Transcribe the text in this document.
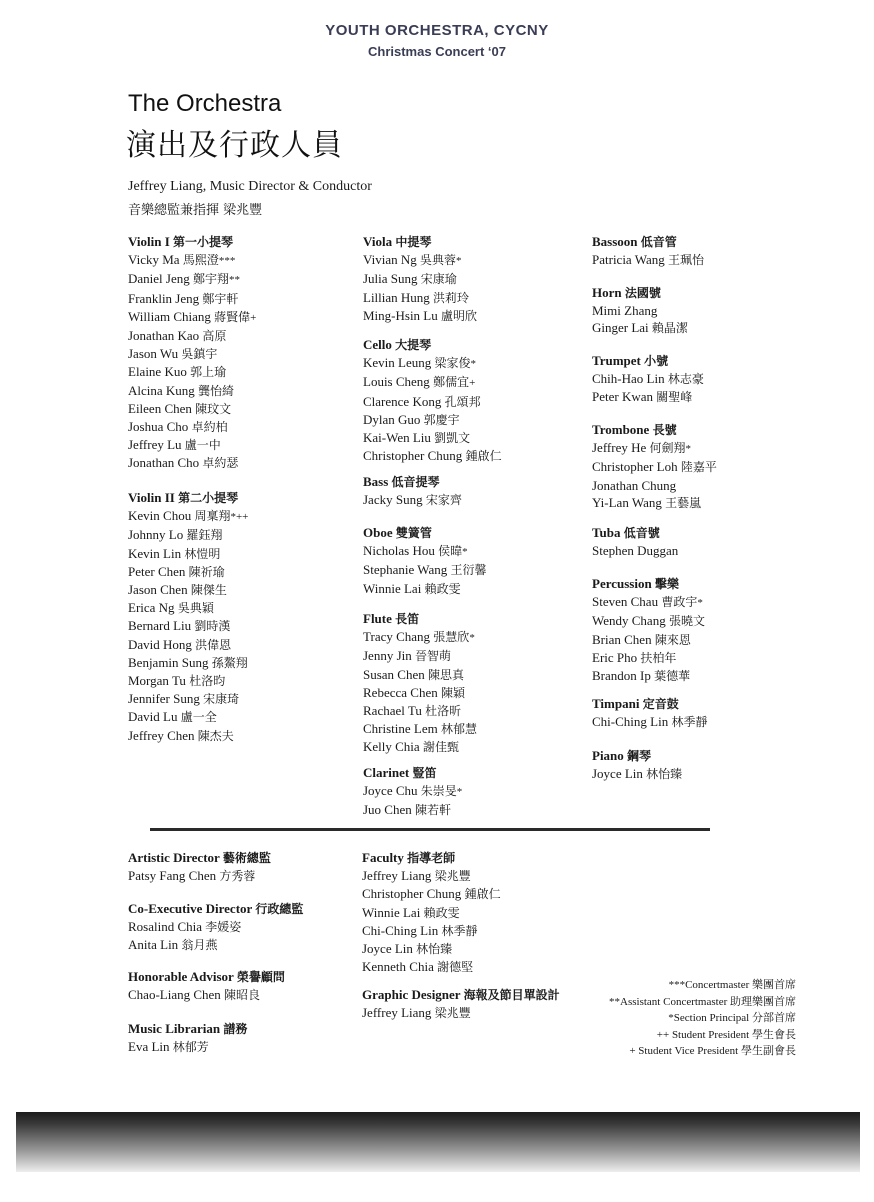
YOUTH ORCHESTRA, CYCNY
Christmas Concert ‘07
The Orchestra
演出及行政人員
Jeffrey Liang, Music Director & Conductor
音樂總監兼指揮 梁兆豐
Violin I 第一小提琴
Vicky Ma 馬熙澄***
Daniel Jeng 鄭宇翔**
Franklin Jeng 鄭宇軒
William Chiang 蔣賢偉+
Jonathan Kao 高原
Jason Wu 吳鎮宇
Elaine Kuo 郭上瑜
Alcina Kung 龔怡綺
Eileen Chen 陳玟文
Joshua Cho 卓約柏
Jeffrey Lu 盧一中
Jonathan Cho 卓約瑟
Violin II 第二小提琴
Kevin Chou 周稟翔*++
Johnny Lo 羅鈺翔
Kevin Lin 林愷明
Peter Chen 陳祈瑜
Jason Chen 陳傑生
Erica Ng 吳典穎
Bernard Liu 劉時漢
David Hong 洪偉恩
Benjamin Sung 孫鰲翔
Morgan Tu 杜洛昀
Jennifer Sung 宋康琦
David Lu 盧一全
Jeffrey Chen 陳杰夫
Viola 中提琴
Vivian Ng 吳典蓉*
Julia Sung 宋康瑜
Lillian Hung 洪莉玲
Ming-Hsin Lu 盧明欣
Cello 大提琴
Kevin Leung 梁家俊*
Louis Cheng 鄭儒宜+
Clarence Kong 孔頌邦
Dylan Guo 郭慶宇
Kai-Wen Liu 劉凱文
Christopher Chung 鍾啟仁
Bass 低音提琴
Jacky Sung 宋家齊
Oboe 雙簧管
Nicholas Hou 侯暐*
Stephanie Wang 王衍馨
Winnie Lai 賴政雯
Flute 長笛
Tracy Chang 張慧欣*
Jenny Jin 晉智萌
Susan Chen 陳思真
Rebecca Chen 陳穎
Rachael Tu 杜洛昕
Christine Lem 林郁慧
Kelly Chia 謝佳甄
Clarinet 豎笛
Joyce Chu 朱崇旻*
Juo Chen 陳若軒
Bassoon 低音管
Patricia Wang 王珮怡
Horn 法國號
Mimi Zhang
Ginger Lai 賴晶潔
Trumpet 小號
Chih-Hao Lin 林志豪
Peter Kwan 關聖峰
Trombone 長號
Jeffrey He 何劍翔*
Christopher Loh 陸嘉平
Jonathan Chung
Yi-Lan Wang 王藝嵐
Tuba 低音號
Stephen Duggan
Percussion 擊樂
Steven Chau 曹政宇*
Wendy Chang 張曉文
Brian Chen 陳來恩
Eric Pho 扶柏年
Brandon Ip 葉德華
Timpani 定音鼓
Chi-Ching Lin 林季靜
Piano 鋼琴
Joyce Lin 林怡臻
Artistic Director 藝術總監
Patsy Fang Chen 方秀蓉
Co-Executive Director 行政總監
Rosalind Chia 李媛姿
Anita Lin 翁月燕
Honorable Advisor 榮譽顧問
Chao-Liang Chen 陳昭良
Music Librarian 譜務
Eva Lin 林郁芳
Faculty 指導老師
Jeffrey Liang 梁兆豐
Christopher Chung 鍾啟仁
Winnie Lai 賴政雯
Chi-Ching Lin 林季靜
Joyce Lin 林怡臻
Kenneth Chia 謝德堅
Graphic Designer 海報及節目單設計
Jeffrey Liang 梁兆豐
***Concertmaster 樂團首席
**Assistant Concertmaster 助理樂團首席
*Section Principal 分部首席
++ Student President 學生會長
+ Student Vice President 學生副會長
